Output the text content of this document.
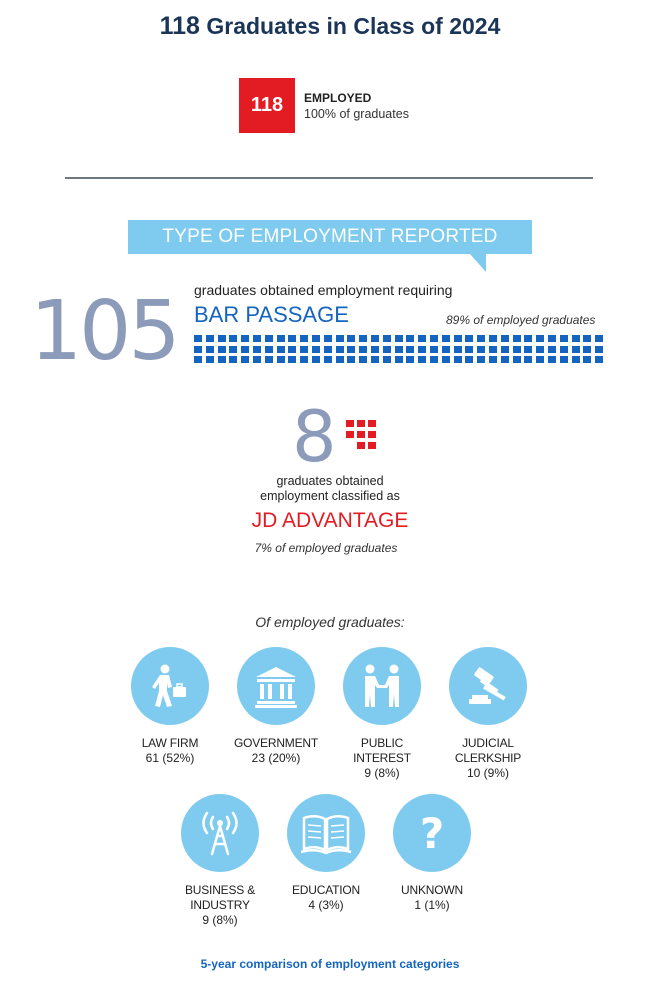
118 Graduates in Class of 2024
118	EMPLOYED
100% of graduates
TYPE OF EMPLOYMENT REPORTED
105 graduates obtained employment requiring
BAR PASSAGE	89% of employed graduates
8
graduates obtained
employment classified as
JD ADVANTAGE
7% of employed graduates
Of employed graduates:
LAW FIRM
61 (52%)
GOVERNMENT
23 (20%)
PUBLIC
INTEREST
9 (8%)
JUDICIAL
CLERKSHIP
10 (9%)
BUSINESS &
INDUSTRY
9 (8%)
EDUCATION
4 (3%)
?
UNKNOWN
1 (1%)
5-year comparison of employment categories
